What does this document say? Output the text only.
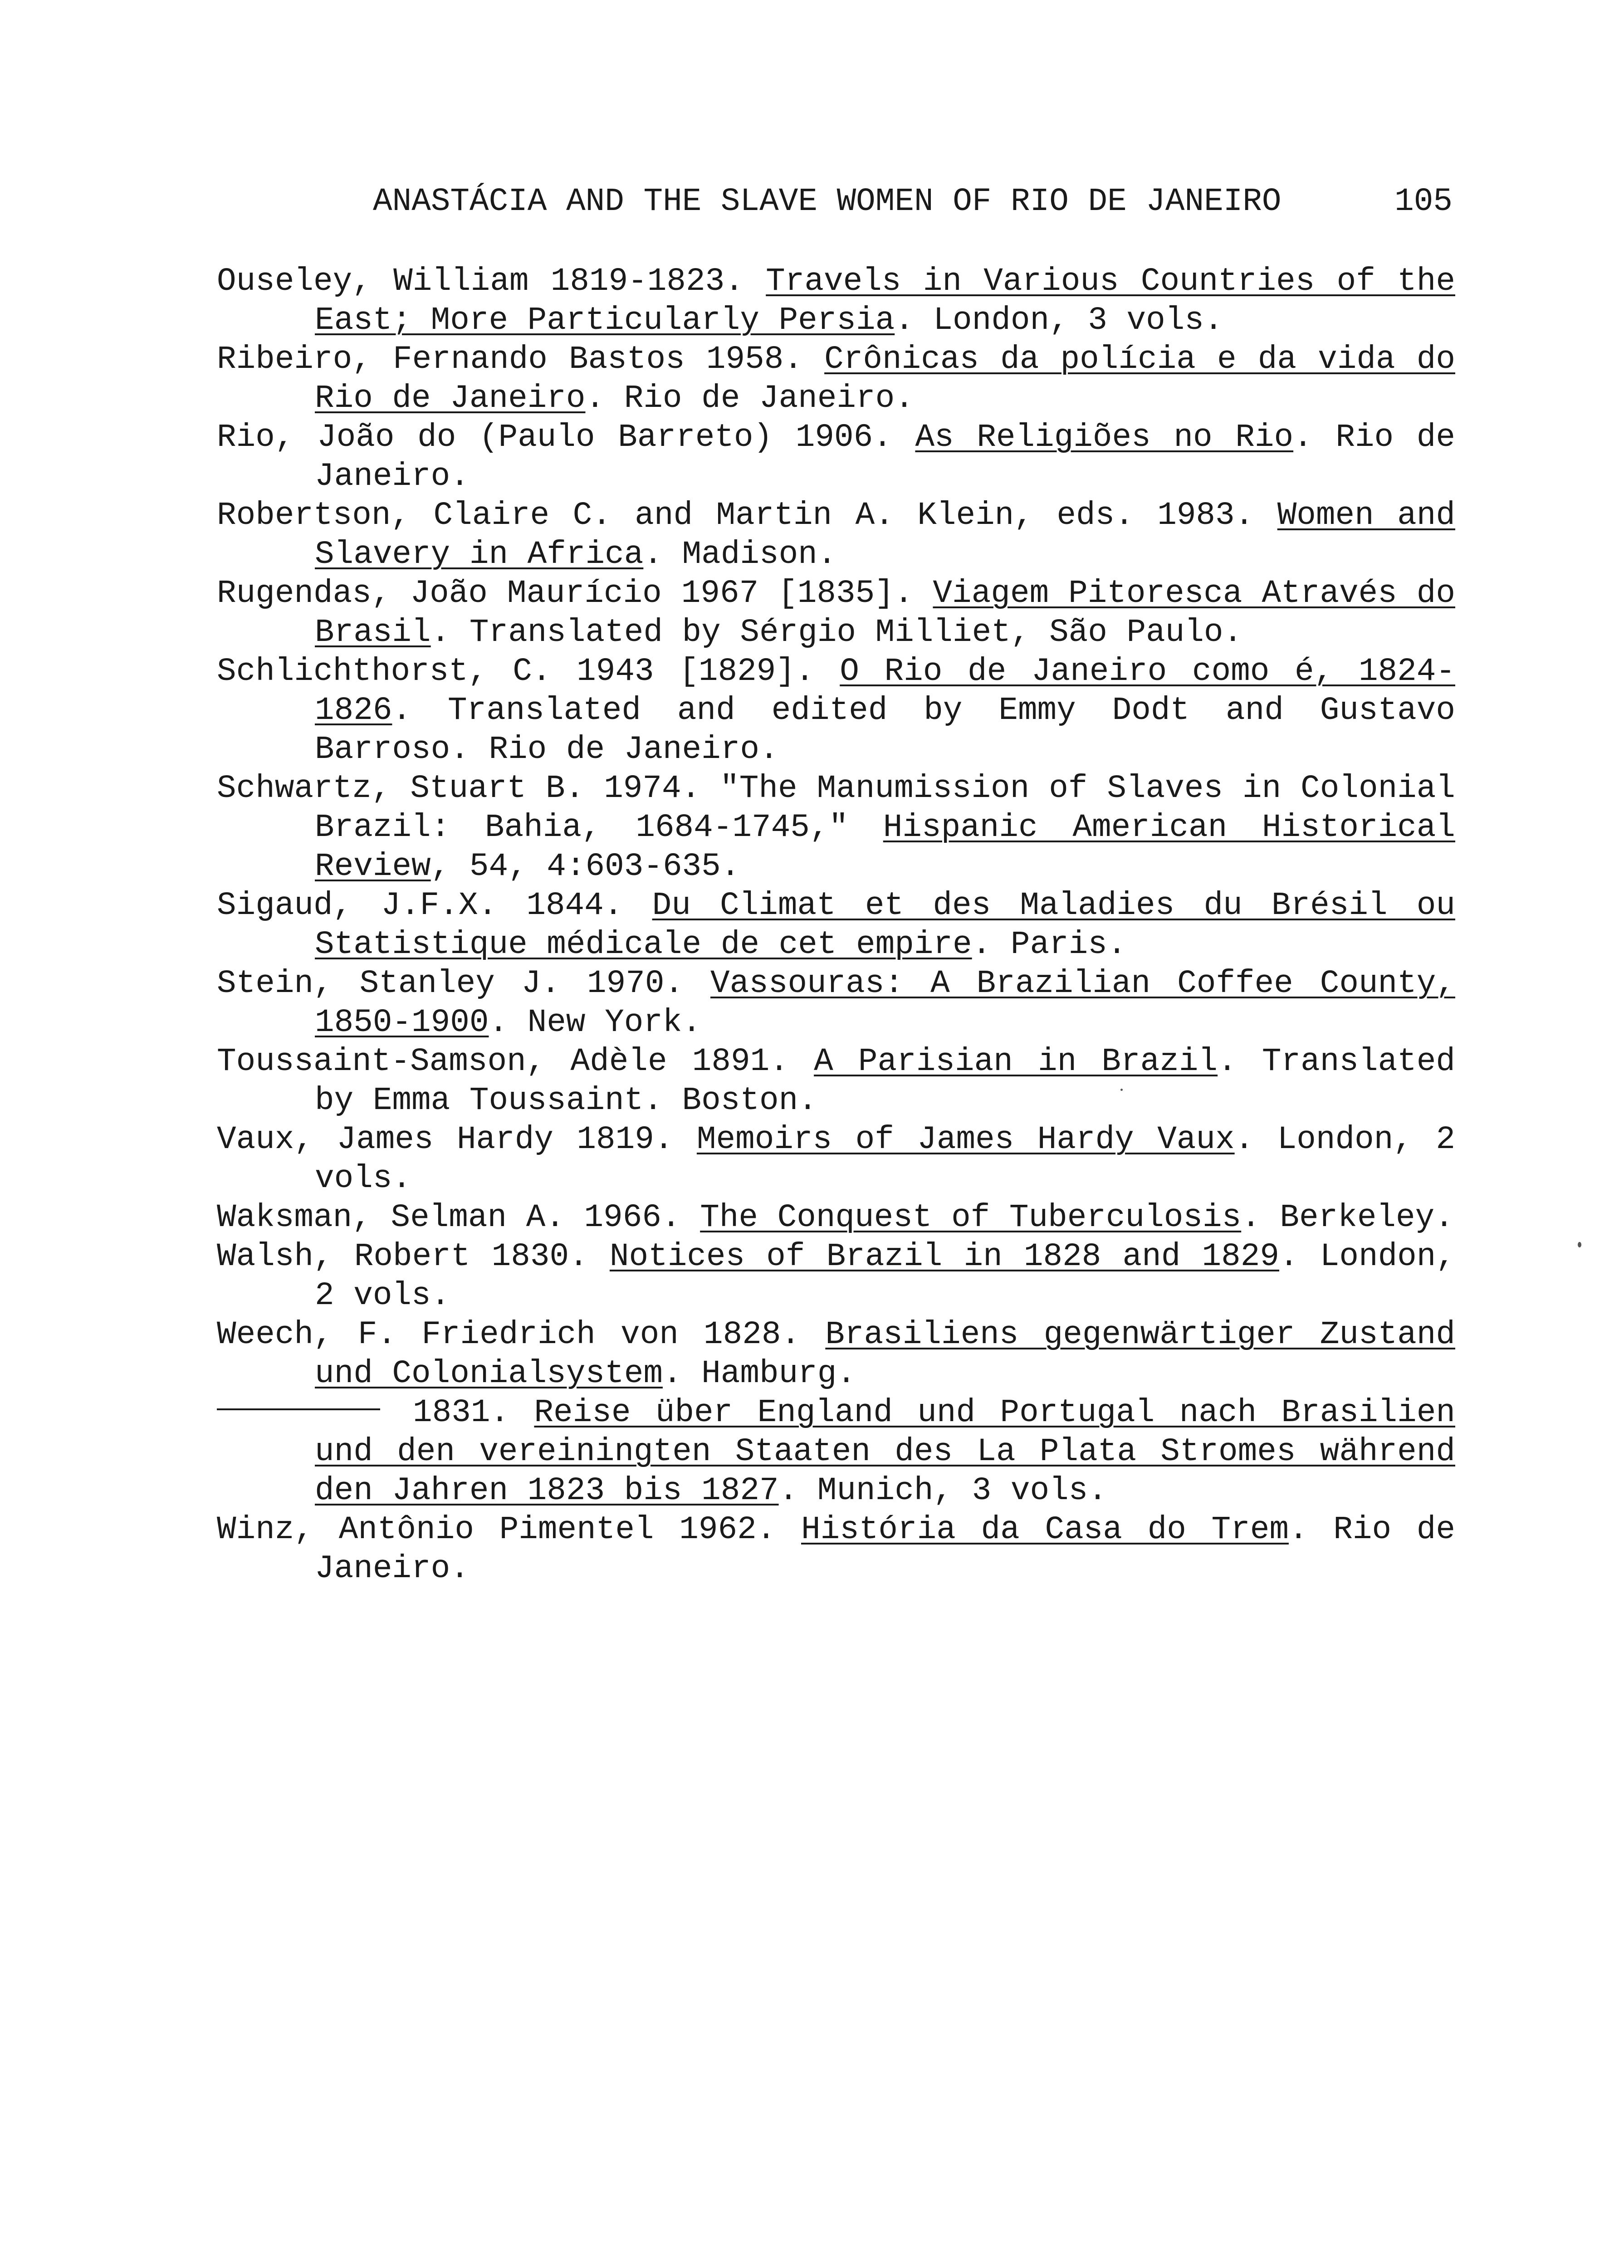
ANASTÁCIA AND THE SLAVE WOMEN OF RIO DE JANEIRO	105

Ouseley, William 1819-1823. Travels in Various Countries of the East; More Particularly Persia. London, 3 vols.

Ribeiro, Fernando Bastos 1958. Crônicas da polícia e da vida do Rio de Janeiro. Rio de Janeiro.

Rio, João do (Paulo Barreto) 1906. As Religiões no Rio. Rio de Janeiro.

Robertson, Claire C. and Martin A. Klein, eds. 1983. Women and Slavery in Africa. Madison.

Rugendas, João Maurício 1967 [1835]. Viagem Pitoresca Através do Brasil. Translated by Sérgio Milliet, São Paulo.

Schlichthorst, C. 1943 [1829]. O Rio de Janeiro como é, 1824-1826. Translated and edited by Emmy Dodt and Gustavo Barroso. Rio de Janeiro.

Schwartz, Stuart B. 1974. "The Manumission of Slaves in Colonial Brazil: Bahia, 1684-1745," Hispanic American Historical Review, 54, 4:603-635.

Sigaud, J.F.X. 1844. Du Climat et des Maladies du Brésil ou Statistique médicale de cet empire. Paris.

Stein, Stanley J. 1970. Vassouras: A Brazilian Coffee County, 1850-1900. New York.

Toussaint-Samson, Adèle 1891. A Parisian in Brazil. Translated by Emma Toussaint. Boston.

Vaux, James Hardy 1819. Memoirs of James Hardy Vaux. London, 2 vols.

Waksman, Selman A. 1966. The Conquest of Tuberculosis. Berkeley.

Walsh, Robert 1830. Notices of Brazil in 1828 and 1829. London, 2 vols.

Weech, F. Friedrich von 1828. Brasiliens gegenwärtiger Zustand und Colonialsystem. Hamburg.

1831. Reise über England und Portugal nach Brasilien und den vereiningten Staaten des La Plata Stromes während den Jahren 1823 bis 1827. Munich, 3 vols.

Winz, Antônio Pimentel 1962. História da Casa do Trem. Rio de Janeiro.
